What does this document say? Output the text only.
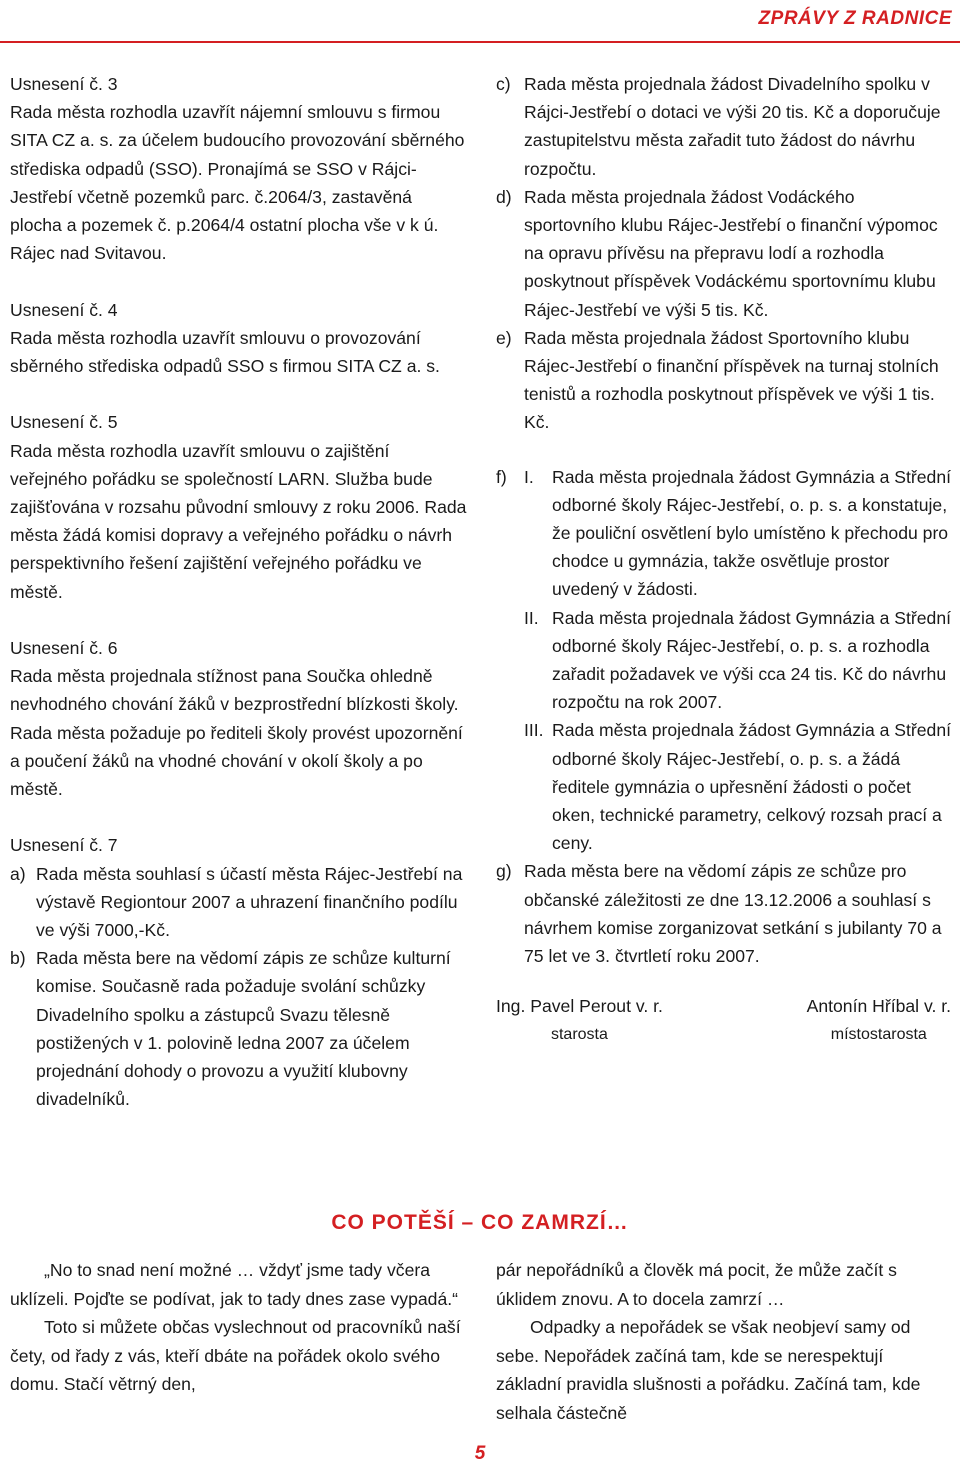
ZPRÁVY Z RADNICE

Usnesení č. 3

Rada města rozhodla uzavřít nájemní smlouvu s firmou SITA CZ a. s. za účelem budoucího provozování sběrného střediska odpadů (SSO). Pronajímá se SSO v Rájci-Jestřebí včetně pozemků parc. č.2064/3, zastavěná plocha a pozemek č. p.2064/4 ostatní plocha vše v k ú. Rájec nad Svitavou.

Usnesení č. 4

Rada města rozhodla uzavřít smlouvu o provozování sběrného střediska odpadů SSO s firmou SITA CZ a. s.

Usnesení č. 5

Rada města rozhodla uzavřít smlouvu o zajištění veřejného pořádku se společností LARN. Služba bude zajišťována v rozsahu původní smlouvy z roku 2006. Rada města žádá komisi dopravy a veřejného pořádku o návrh perspektivního řešení zajištění veřejného pořádku ve městě.

Usnesení č. 6

Rada města projednala stížnost pana Součka ohledně nevhodného chování žáků v bezprostřední blízkosti školy. Rada města požaduje po řediteli školy provést upozornění a poučení žáků na vhodné chování v okolí školy a po městě.

Usnesení č. 7

a) Rada města souhlasí s účastí města Rájec-Jestřebí na výstavě Regiontour 2007 a uhrazení finančního podílu ve výši 7000,-Kč.
b) Rada města bere na vědomí zápis ze schůze kulturní komise. Současně rada požaduje svolání schůzky Divadelního spolku a zástupců Svazu tělesně postižených v 1. polovině ledna 2007 za účelem projednání dohody o provozu a využití klubovny divadelníků.
c) Rada města projednala žádost Divadelního spolku v Rájci-Jestřebí o dotaci ve výši 20 tis. Kč a doporučuje zastupitelstvu města zařadit tuto žádost do návrhu rozpočtu.
d) Rada města projednala žádost Vodáckého sportovního klubu Rájec-Jestřebí o finanční výpomoc na opravu přívěsu na přepravu lodí a rozhodla poskytnout příspěvek Vodáckému sportovnímu klubu Rájec-Jestřebí ve výši 5 tis. Kč.
e) Rada města projednala žádost Sportovního klubu Rájec-Jestřebí o finanční příspěvek na turnaj stolních tenistů a rozhodla poskytnout příspěvek ve výši 1 tis. Kč.
f) I.	Rada města projednala žádost Gymnázia a Střední odborné školy Rájec-Jestřebí, o. p. s. a konstatuje, že pouliční osvětlení bylo umístěno k přechodu pro chodce u gymnázia, takže osvětluje prostor uvedený v žádosti.
II. Rada města projednala žádost Gymnázia a Střední odborné školy Rájec-Jestřebí, o. p. s. a rozhodla zařadit požadavek ve výši cca 24 tis. Kč do návrhu rozpočtu na rok 2007.
III. Rada města projednala žádost Gymnázia a Střední odborné školy Rájec-Jestřebí, o. p. s. a žádá ředitele gymnázia o upřesnění žádosti o počet oken, technické parametry, celkový rozsah prací a ceny.
g) Rada města bere na vědomí zápis ze schůze pro občanské záležitosti ze dne 13.12.2006 a souhlasí s návrhem komise zorganizovat setkání s jubilanty 70 a 75 let ve 3. čtvrtletí roku 2007.
Ing. Pavel Perout v. r.
starosta
Antonín Hříbal v. r.
místostarosta
CO POTĚŠÍ – CO ZAMRZÍ…

„No to snad není možné … vždyť jsme tady včera uklízeli. Pojďte se podívat, jak to tady dnes zase vypadá.“

Toto si můžete občas vyslechnout od pracovníků naší čety, od řady z vás, kteří dbáte na pořádek okolo svého domu. Stačí větrný den,

pár nepořádníků a člověk má pocit, že může začít s úklidem znovu. A to docela zamrzí …

Odpadky a nepořádek se však neobjeví samy od sebe. Nepořádek začíná tam, kde se nerespektují základní pravidla slušnosti a pořádku. Začíná tam, kde selhala částečně

5
